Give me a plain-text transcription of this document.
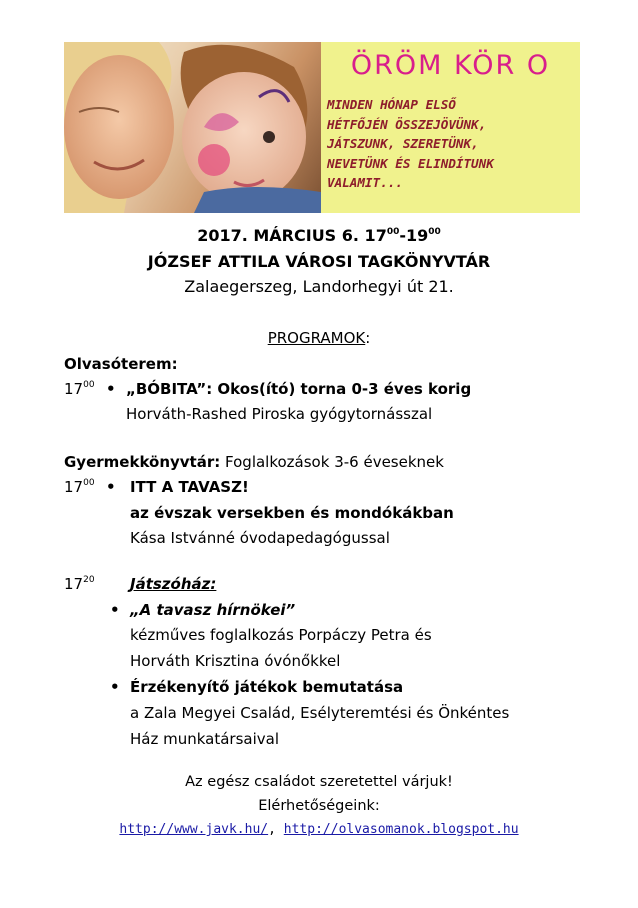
ÖRÖM KÖR O
MINDEN HÓNAP ELSŐ
HÉTFŐJÉN ÖSSZEJÖVÜNK,
JÁTSZUNK, SZERETÜNK,
NEVETÜNK ÉS ELINDÍTUNK
VALAMIT...
2017. MÁRCIUS 6. $17^{00}-19^{00}$
JÓZSEF ATTILA VÁROSI TAGKÖNYVTÁR
Zalaegerszeg, Landorhegyi út 21.
PROGRAMOK:
Olvasóterem:
$17^{00}$ • „BÓBITA”: Okos(ító) torna 0-3 éves korig
Horváth-Rashed Piroska gyógytornásszal
Gyermekkönyvtár: Foglalkozások 3-6 éveseknek
$17^{00}$ • ITT A TAVASZ!
az évszak versekben és mondókákban
Kása Istvánné óvodapedagógussal
$17^{20}$ Játszóház:
• „A tavasz hírnökei”
kézműves foglalkozás Porpáczy Petra és
Horváth Krisztina óvónőkkel
• Érzékenyítő játékok bemutatása
a Zala Megyei Család, Esélyteremtési és Önkéntes
Ház munkatársaival
Az egész családot szeretettel várjuk!
Elérhetőségeink:
http://www.javk.hu/, http://olvasomanok.blogspot.hu
